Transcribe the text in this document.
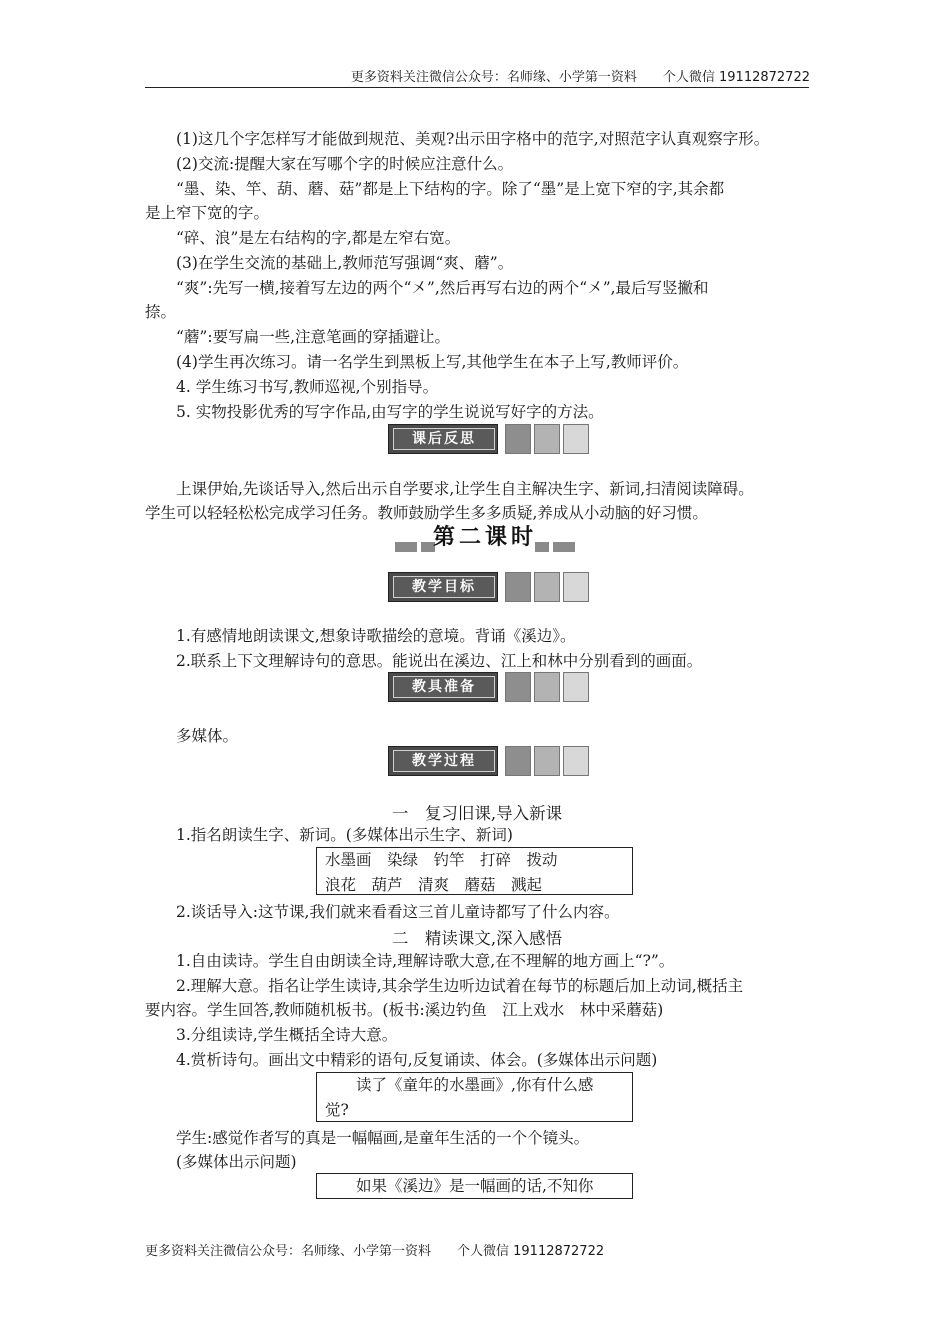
更多资料关注微信公众号：名师缘、小学第一资料　　个人微信 19112872722
(1)这几个字怎样写才能做到规范、美观?出示田字格中的范字,对照范字认真观察字形。
(2)交流:提醒大家在写哪个字的时候应注意什么。
“墨、染、竿、葫、蘑、菇”都是上下结构的字。除了“墨”是上宽下窄的字,其余都
是上窄下宽的字。
“碎、浪”是左右结构的字,都是左窄右宽。
(3)在学生交流的基础上,教师范写强调“爽、蘑”。
“爽”:先写一横,接着写左边的两个“㐅”,然后再写右边的两个“㐅”,最后写竖撇和
捺。
“蘑”:要写扁一些,注意笔画的穿插避让。
(4)学生再次练习。请一名学生到黑板上写,其他学生在本子上写,教师评价。
4. 学生练习书写,教师巡视,个别指导。
5. 实物投影优秀的写字作品,由写字的学生说说写好字的方法。
课后反思
上课伊始,先谈话导入,然后出示自学要求,让学生自主解决生字、新词,扫清阅读障碍。
学生可以轻轻松松完成学习任务。教师鼓励学生多多质疑,养成从小动脑的好习惯。
第二课时
教学目标
1.有感情地朗读课文,想象诗歌描绘的意境。背诵《溪边》。
2.联系上下文理解诗句的意思。能说出在溪边、江上和林中分别看到的画面。
教具准备
多媒体。
教学过程
一　复习旧课,导入新课
1.指名朗读生字、新词。(多媒体出示生字、新词)
水墨画　染绿　钓竿　打碎　拨动
浪花　葫芦　清爽　蘑菇　溅起
2.谈话导入:这节课,我们就来看看这三首儿童诗都写了什么内容。
二　精读课文,深入感悟
1.自由读诗。学生自由朗读全诗,理解诗歌大意,在不理解的地方画上“?”。
2.理解大意。指名让学生读诗,其余学生边听边试着在每节的标题后加上动词,概括主
要内容。学生回答,教师随机板书。(板书:溪边钓鱼　江上戏水　林中采蘑菇)
3.分组读诗,学生概括全诗大意。
4.赏析诗句。画出文中精彩的语句,反复诵读、体会。(多媒体出示问题)
读了《童年的水墨画》,你有什么感
觉?
学生:感觉作者写的真是一幅幅画,是童年生活的一个个镜头。
(多媒体出示问题)
如果《溪边》是一幅画的话,不知你
更多资料关注微信公众号：名师缘、小学第一资料　　个人微信 19112872722
